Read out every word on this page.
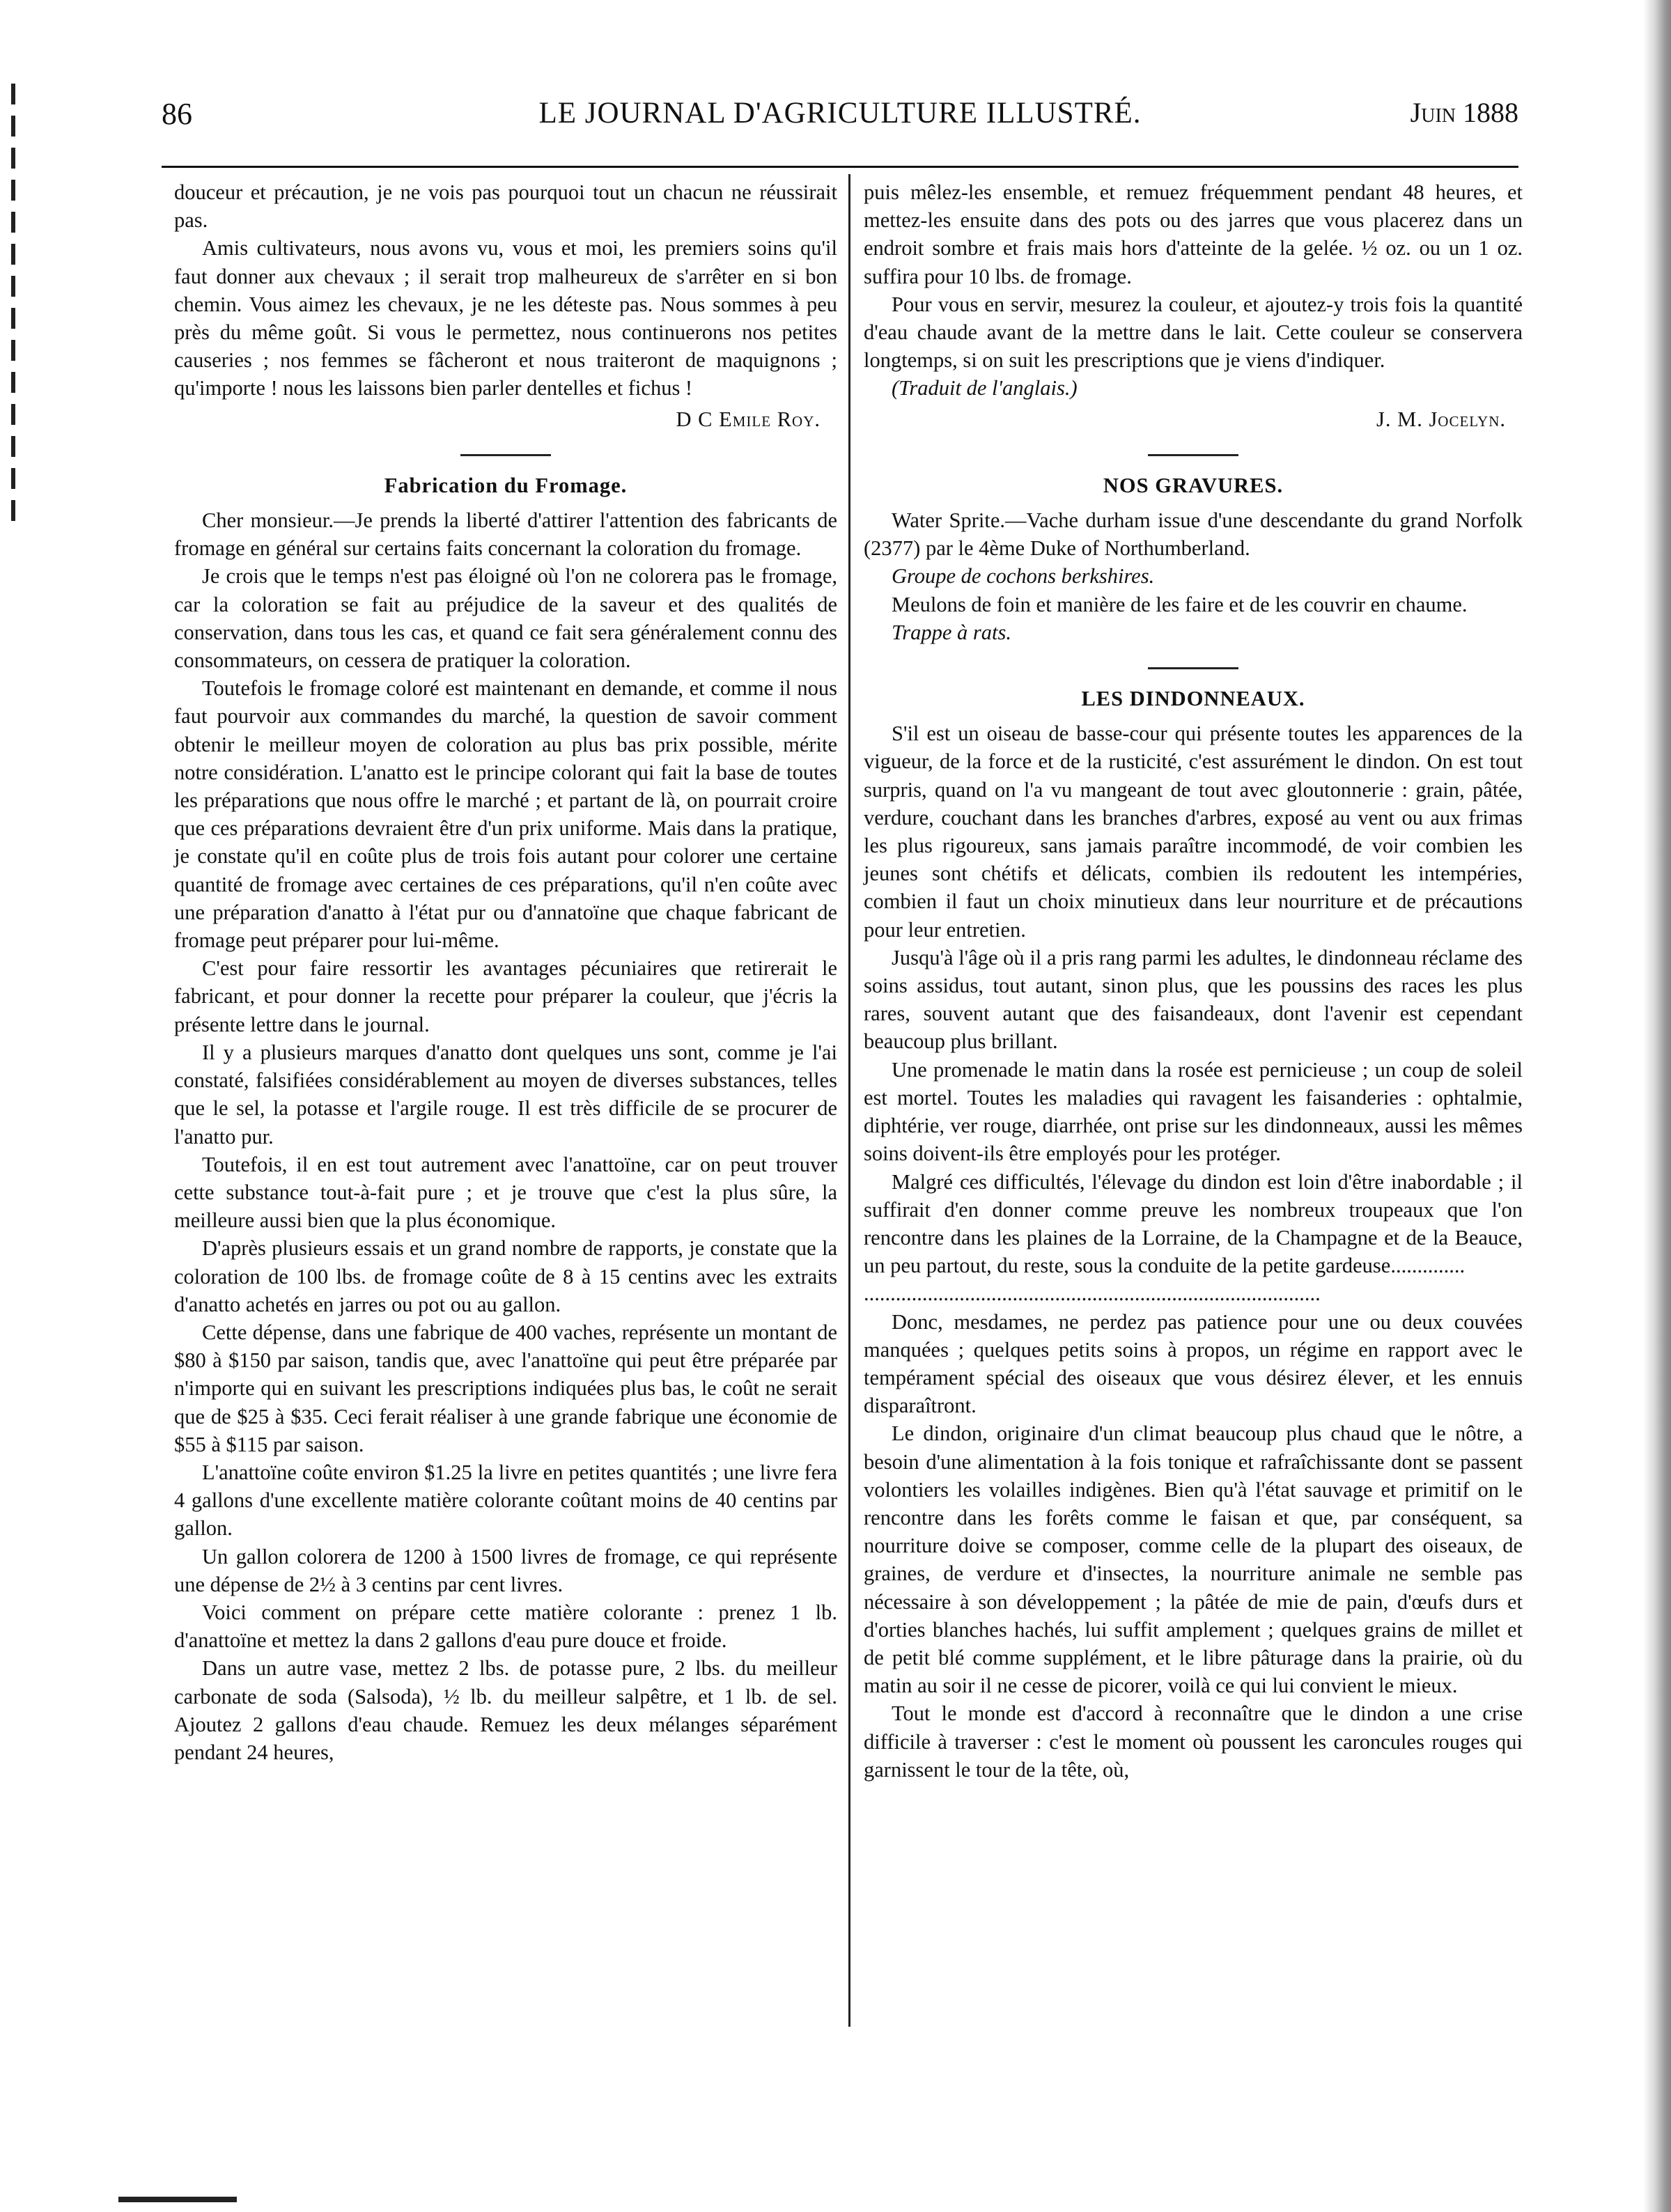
86	LE JOURNAL D'AGRICULTURE ILLUSTRÉ.	Juin 1888

douceur et précaution, je ne vois pas pourquoi tout un chacun ne réussirait pas.

Amis cultivateurs, nous avons vu, vous et moi, les premiers soins qu'il faut donner aux chevaux ; il serait trop malheureux de s'arrêter en si bon chemin. Vous aimez les chevaux, je ne les déteste pas. Nous sommes à peu près du même goût. Si vous le permettez, nous continuerons nos petites causeries ; nos femmes se fâcheront et nous traiteront de maquignons ; qu'importe ! nous les laissons bien parler dentelles et fichus !

D C Emile Roy.
Fabrication du Fromage.

Cher monsieur.—Je prends la liberté d'attirer l'attention des fabricants de fromage en général sur certains faits concernant la coloration du fromage.

Je crois que le temps n'est pas éloigné où l'on ne colorera pas le fromage, car la coloration se fait au préjudice de la saveur et des qualités de conservation, dans tous les cas, et quand ce fait sera généralement connu des consommateurs, on cessera de pratiquer la coloration.

Toutefois le fromage coloré est maintenant en demande, et comme il nous faut pourvoir aux commandes du marché, la question de savoir comment obtenir le meilleur moyen de coloration au plus bas prix possible, mérite notre considération. L'anatto est le principe colorant qui fait la base de toutes les préparations que nous offre le marché ; et partant de là, on pourrait croire que ces préparations devraient être d'un prix uniforme. Mais dans la pratique, je constate qu'il en coûte plus de trois fois autant pour colorer une certaine quantité de fromage avec certaines de ces préparations, qu'il n'en coûte avec une préparation d'anatto à l'état pur ou d'annatoïne que chaque fabricant de fromage peut préparer pour lui-même.

C'est pour faire ressortir les avantages pécuniaires que retirerait le fabricant, et pour donner la recette pour préparer la couleur, que j'écris la présente lettre dans le journal.

Il y a plusieurs marques d'anatto dont quelques uns sont, comme je l'ai constaté, falsifiées considérablement au moyen de diverses substances, telles que le sel, la potasse et l'argile rouge. Il est très difficile de se procurer de l'anatto pur.

Toutefois, il en est tout autrement avec l'anattoïne, car on peut trouver cette substance tout-à-fait pure ; et je trouve que c'est la plus sûre, la meilleure aussi bien que la plus économique.

D'après plusieurs essais et un grand nombre de rapports, je constate que la coloration de 100 lbs. de fromage coûte de 8 à 15 centins avec les extraits d'anatto achetés en jarres ou pot ou au gallon.

Cette dépense, dans une fabrique de 400 vaches, représente un montant de $80 à $150 par saison, tandis que, avec l'anattoïne qui peut être préparée par n'importe qui en suivant les prescriptions indiquées plus bas, le coût ne serait que de $25 à $35. Ceci ferait réaliser à une grande fabrique une économie de $55 à $115 par saison.

L'anattoïne coûte environ $1.25 la livre en petites quantités ; une livre fera 4 gallons d'une excellente matière colorante coûtant moins de 40 centins par gallon.

Un gallon colorera de 1200 à 1500 livres de fromage, ce qui représente une dépense de 2½ à 3 centins par cent livres.

Voici comment on prépare cette matière colorante : prenez 1 lb. d'anattoïne et mettez la dans 2 gallons d'eau pure douce et froide.

Dans un autre vase, mettez 2 lbs. de potasse pure, 2 lbs. du meilleur carbonate de soda (Salsoda), ½ lb. du meilleur salpêtre, et 1 lb. de sel. Ajoutez 2 gallons d'eau chaude. Remuez les deux mélanges séparément pendant 24 heures,

puis mêlez-les ensemble, et remuez fréquemment pendant 48 heures, et mettez-les ensuite dans des pots ou des jarres que vous placerez dans un endroit sombre et frais mais hors d'atteinte de la gelée. ½ oz. ou un 1 oz. suffira pour 10 lbs. de fromage.

Pour vous en servir, mesurez la couleur, et ajoutez-y trois fois la quantité d'eau chaude avant de la mettre dans le lait. Cette couleur se conservera longtemps, si on suit les prescriptions que je viens d'indiquer.

(Traduit de l'anglais.)

J. M. Jocelyn.
NOS GRAVURES.

Water Sprite.—Vache durham issue d'une descendante du grand Norfolk (2377) par le 4ème Duke of Northumberland.

Groupe de cochons berkshires.

Meulons de foin et manière de les faire et de les couvrir en chaume.

Trappe à rats.

LES DINDONNEAUX.

S'il est un oiseau de basse-cour qui présente toutes les apparences de la vigueur, de la force et de la rusticité, c'est assurément le dindon. On est tout surpris, quand on l'a vu mangeant de tout avec gloutonnerie : grain, pâtée, verdure, couchant dans les branches d'arbres, exposé au vent ou aux frimas les plus rigoureux, sans jamais paraître incommodé, de voir combien les jeunes sont chétifs et délicats, combien ils redoutent les intempéries, combien il faut un choix minutieux dans leur nourriture et de précautions pour leur entretien.

Jusqu'à l'âge où il a pris rang parmi les adultes, le dindonneau réclame des soins assidus, tout autant, sinon plus, que les poussins des races les plus rares, souvent autant que des faisandeaux, dont l'avenir est cependant beaucoup plus brillant.

Une promenade le matin dans la rosée est pernicieuse ; un coup de soleil est mortel. Toutes les maladies qui ravagent les faisanderies : ophtalmie, diphtérie, ver rouge, diarrhée, ont prise sur les dindonneaux, aussi les mêmes soins doivent-ils être employés pour les protéger.

Malgré ces difficultés, l'élevage du dindon est loin d'être inabordable ; il suffirait d'en donner comme preuve les nombreux troupeaux que l'on rencontre dans les plaines de la Lorraine, de la Champagne et de la Beauce, un peu partout, du reste, sous la conduite de la petite gardeuse..............

......................................................................................

Donc, mesdames, ne perdez pas patience pour une ou deux couvées manquées ; quelques petits soins à propos, un régime en rapport avec le tempérament spécial des oiseaux que vous désirez élever, et les ennuis disparaîtront.

Le dindon, originaire d'un climat beaucoup plus chaud que le nôtre, a besoin d'une alimentation à la fois tonique et rafraîchissante dont se passent volontiers les volailles indigènes. Bien qu'à l'état sauvage et primitif on le rencontre dans les forêts comme le faisan et que, par conséquent, sa nourriture doive se composer, comme celle de la plupart des oiseaux, de graines, de verdure et d'insectes, la nourriture animale ne semble pas nécessaire à son développement ; la pâtée de mie de pain, d'œufs durs et d'orties blanches hachés, lui suffit amplement ; quelques grains de millet et de petit blé comme supplément, et le libre pâturage dans la prairie, où du matin au soir il ne cesse de picorer, voilà ce qui lui convient le mieux.

Tout le monde est d'accord à reconnaître que le dindon a une crise difficile à traverser : c'est le moment où poussent les caroncules rouges qui garnissent le tour de la tête, où,
